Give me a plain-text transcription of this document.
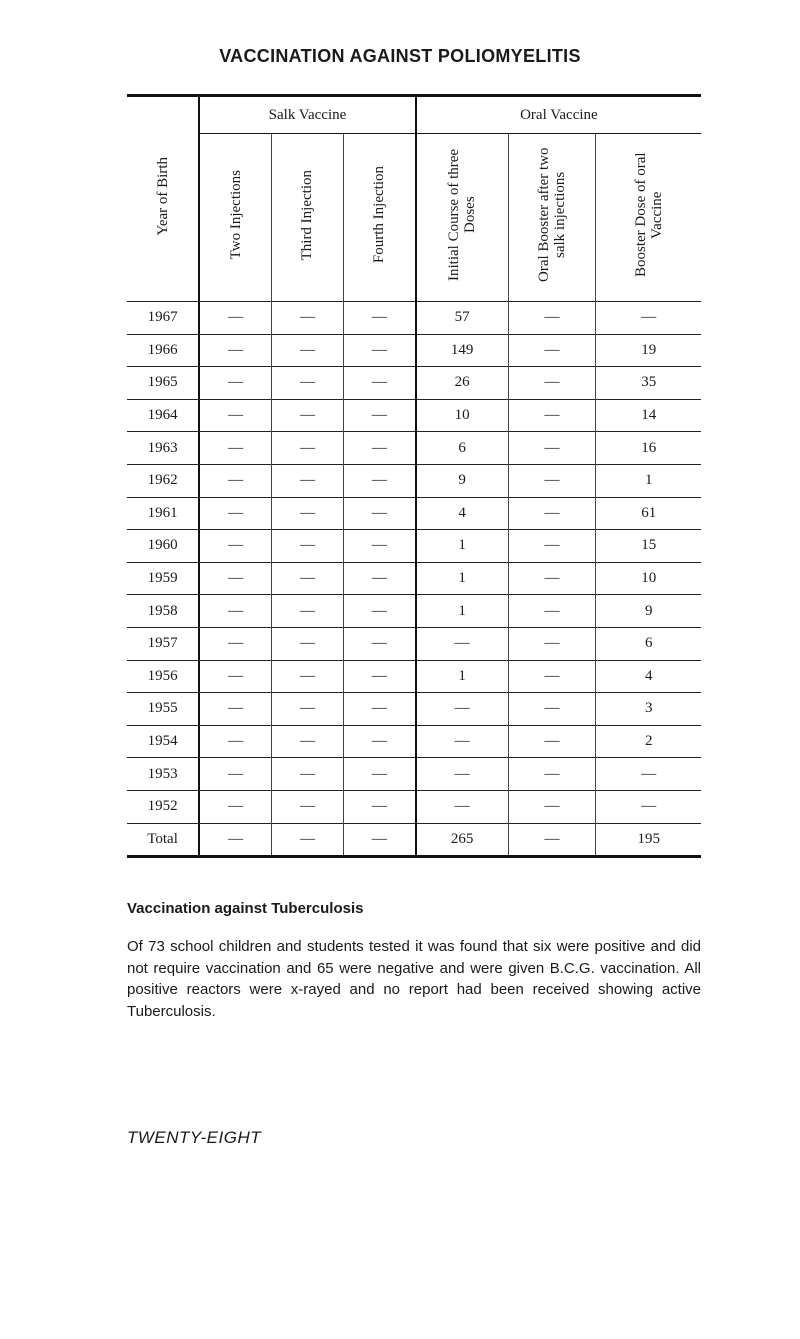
VACCINATION AGAINST POLIOMYELITIS
Year of Birth	Salk Vaccine			Oral Vaccine		
	Two Injections	Third Injection	Fourth Injection	Initial Course of three Doses	Oral Booster after two salk injections	Booster Dose of oral Vaccine
1967	—	—	—	57	—	—
1966	—	—	—	149	—	19
1965	—	—	—	26	—	35
1964	—	—	—	10	—	14
1963	—	—	—	6	—	16
1962	—	—	—	9	—	1
1961	—	—	—	4	—	61
1960	—	—	—	1	—	15
1959	—	—	—	1	—	10
1958	—	—	—	1	—	9
1957	—	—	—	—	—	6
1956	—	—	—	1	—	4
1955	—	—	—	—	—	3
1954	—	—	—	—	—	2
1953	—	—	—	—	—	—
1952	—	—	—	—	—	—
Total	—	—	—	265	—	195
Vaccination against Tuberculosis
Of 73 school children and students tested it was found that six were positive and did not require vaccination and 65 were negative and were given B.C.G. vaccination. All positive reactors were x-rayed and no report had been received showing active Tuberculosis.
TWENTY-EIGHT
